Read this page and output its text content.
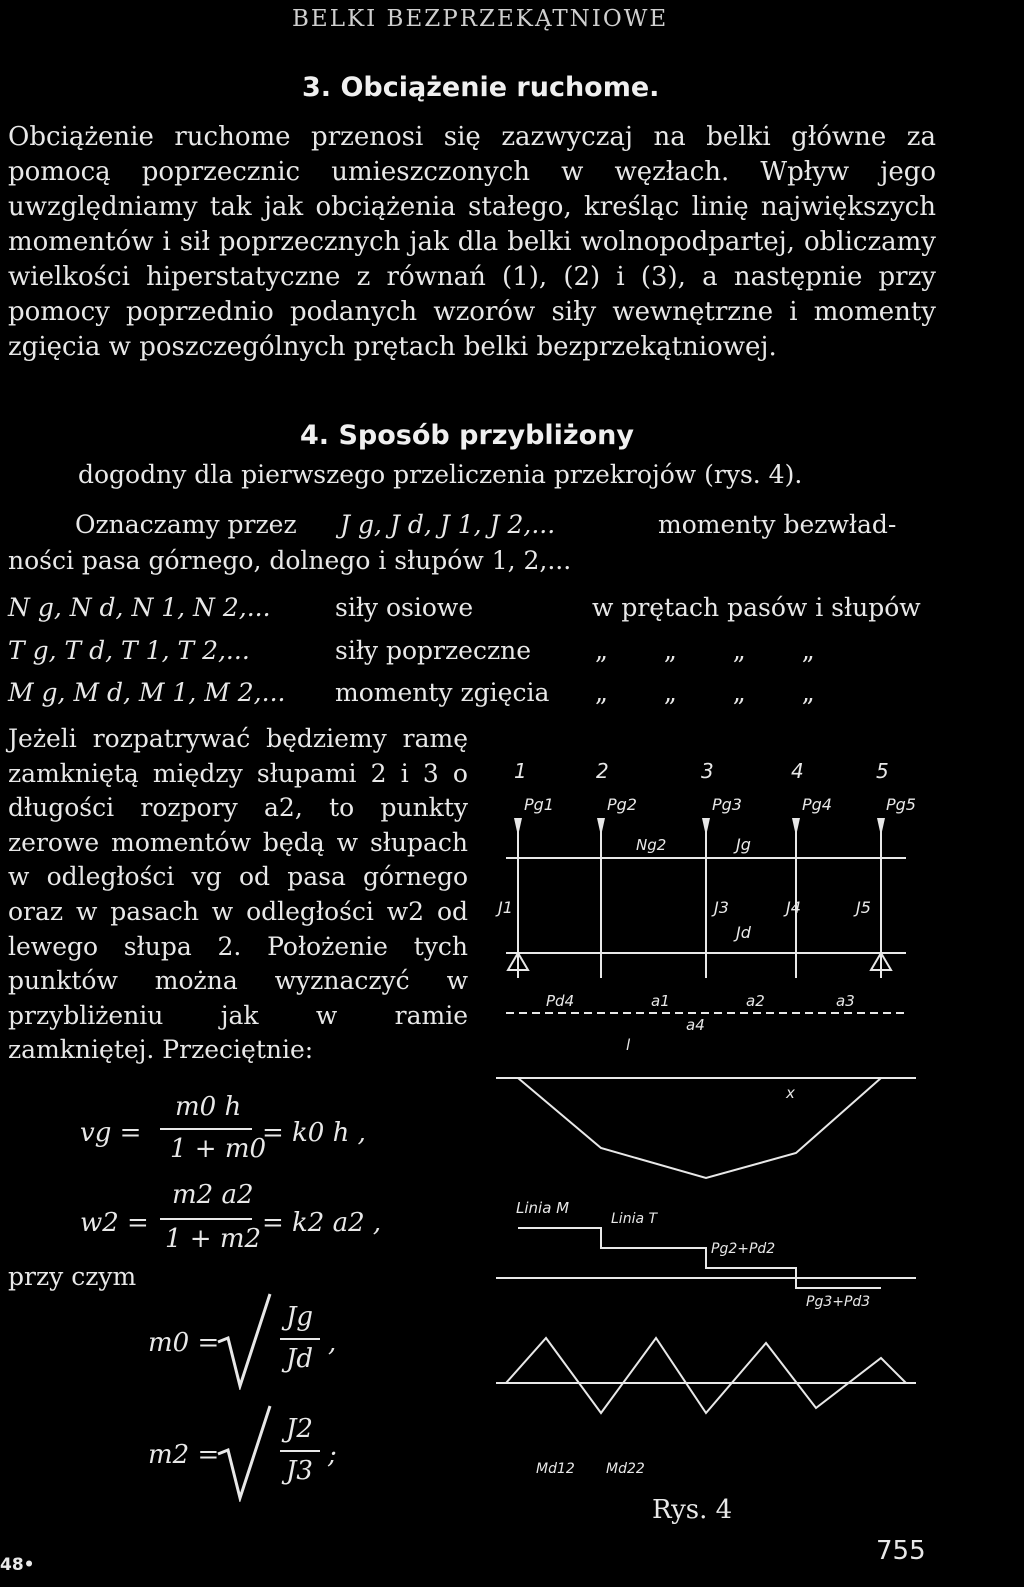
BELKI BEZPRZEKĄTNIOWE
3. Obciążenie ruchome.
Obciążenie ruchome przenosi się zazwyczaj na belki główne za pomocą poprzecznic umieszczonych w węzłach. Wpływ jego uwzględniamy tak jak obciążenia stałego, kreśląc linię największych momentów i sił poprzecznych jak dla belki wolnopodpartej, obliczamy wielkości hiperstatyczne z równań (1), (2) i (3), a następnie przy pomocy poprzednio podanych wzorów siły wewnętrzne i momenty zgięcia w poszczególnych prętach belki bezprzekątniowej.
4. Sposób przybliżony
dogodny dla pierwszego przeliczenia przekrojów (rys. 4).
Oznaczamy przez J g, J d, J 1, J 2,...	momenty bezwład-
ności pasa górnego, dolnego i słupów 1, 2,...
N g, N d, N 1, N 2,...	siły osiowe	w prętach pasów i słupów
T g, T d, T 1, T 2,...	siły poprzeczne	„ „ „ „
M g, M d, M 1, M 2,... momenty zgięcia „ „ „ „
Jeżeli rozpatrywać będziemy ramę zamkniętą między słupami 2 i 3 o długości rozpory a2, to punkty zerowe momentów będą w słupach w odległości vg od pasa górnego oraz w pasach w odległości w2 od lewego słupa 2. Położenie tych punktów można wyznaczyć w przybliżeniu jak w ramie zamkniętej. Przeciętnie:
vg =
m0 h
1 + m0
= k0 h ,
w2 =
m2 a2
1 + m2
= k2 a2 ,
przy czym
m0 =
Jg
Jd
,
m2 =
J2
J3
;
1	2	3	4	5
Pg1	Pg2	Pg3	Pg4	Pg5
J1	J3	J4	J5
Jd
Jg
Ng2
Pd4	a1	a2	a3
a4
l
x
Linia M
Linia T
Pg2+Pd2
Pg3+Pd3
Md12 Md22
Rys. 4
755
48•
